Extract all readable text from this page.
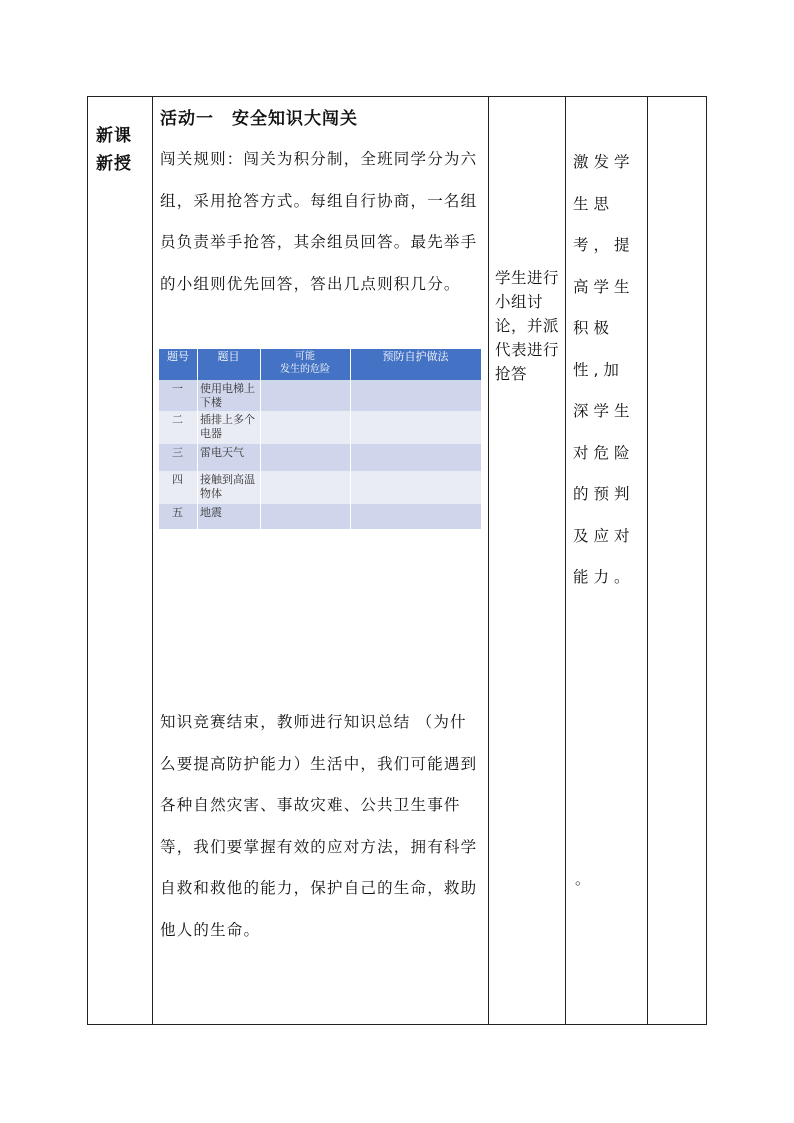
新课新授
活动一　安全知识大闯关
闯关规则：闯关为积分制，全班同学分为六组，采用抢答方式。每组自行协商，一名组员负责举手抢答，其余组员回答。最先举手的小组则优先回答，答出几点则积几分。
题号	题目	可能
发生的危险
预防自护做法
一 使用电梯上下楼
二 插排上多个电器
三 雷电天气
四 接触到高温物体
五 地震
知识竞赛结束，教师进行知识总结 （为什么要提高防护能力）生活中，我们可能遇到各种自然灾害、事故灾难、公共卫生事件等，我们要掌握有效的应对方法，拥有科学自救和救他的能力，保护自己的生命，救助他人的生命。
学生进行小组讨论，并派代表进行抢答
激发学生思考，提高学生积极性,加深学生对危险的预判及应对能力。
。
